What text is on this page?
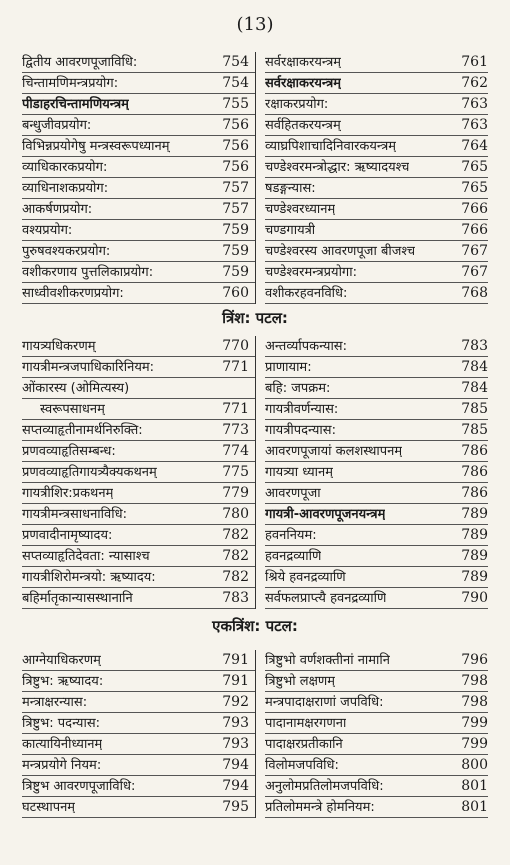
(13)
द्वितीय आवरणपूजाविधि:	754
चिन्तामणिमन्त्रप्रयोग:	754
पीडाहरचिन्तामणियन्त्रम्	755
बन्धुजीवप्रयोग:	756
विभिन्नप्रयोगेषु मन्त्रस्वरूपध्यानम्	756
व्याधिकारकप्रयोग:	756
व्याधिनाशकप्रयोग:	757
आकर्षणप्रयोग:	757
वश्यप्रयोग:	759
पुरुषवश्यकरप्रयोग:	759
वशीकरणाय पुत्तलिकाप्रयोग:	759
साध्वीवशीकरणप्रयोग:	760
सर्वरक्षाकरयन्त्रम्	761
सर्वरक्षाकरयन्त्रम्	762
रक्षाकरप्रयोग:	763
सर्वहितकरयन्त्रम्	763
व्याघ्रपिशाचादिनिवारकयन्त्रम्	764
चण्डेश्वरमन्त्रोद्धार: ऋष्यादयश्च	765
षडङ्गन्यास:	765
चण्डेश्वरध्यानम्	766
चण्डगायत्री	766
चण्डेश्वरस्य आवरणपूजा बीजश्च	767
चण्डेश्वरमन्त्रप्रयोगा:	767
वशीकरहवनविधि:	768
त्रिंश: पटल:
गायत्र्यधिकरणम्	770
गायत्रीमन्त्रजपाधिकारिनियम:	771
ओंकारस्य (ओमित्यस्य)
स्वरूपसाधनम्	771
सप्तव्याहृतीनामर्थनिरुक्ति:	773
प्रणवव्याहृतिसम्बन्ध:	774
प्रणवव्याहृतिगायत्र्यैक्यकथनम्	775
गायत्रीशिर:प्रकथनम्	779
गायत्रीमन्त्रसाधनाविधि:	780
प्रणवादीनामृष्यादय:	782
सप्तव्याहृतिदेवता: न्यासाश्च	782
गायत्रीशिरोमन्त्रयो: ऋष्यादय:	782
बहिर्मातृकान्यासस्थानानि	783
अन्तर्व्यापकन्यास:	783
प्राणायाम:	784
बहि: जपक्रम:	784
गायत्रीवर्णन्यास:	785
गायत्रीपदन्यास:	785
आवरणपूजायां कलशस्थापनम्	786
गायत्र्या ध्यानम्	786
आवरणपूजा	786
गायत्री-आवरणपूजनयन्त्रम्	789
हवननियम:	789
हवनद्रव्याणि	789
श्रिये हवनद्रव्याणि	789
सर्वफलप्राप्त्यै हवनद्रव्याणि	790
एकत्रिंश: पटल:
आग्नेयाधिकरणम्	791
त्रिष्टुभ: ऋष्यादय:	791
मन्त्राक्षरन्यास:	792
त्रिष्टुभ: पदन्यास:	793
कात्यायिनीध्यानम्	793
मन्त्रप्रयोगे नियम:	794
त्रिष्टुभ आवरणपूजाविधि:	794
घटस्थापनम्	795
त्रिष्टुभो वर्णशक्तीनां नामानि	796
त्रिष्टुभो लक्षणम्	798
मन्त्रपादाक्षराणां जपविधि:	798
पादानामक्षरगणना	799
पादाक्षरप्रतीकानि	799
विलोमजपविधि:	800
अनुलोमप्रतिलोमजपविधि:	801
प्रतिलोममन्त्रे होमनियम:	801
